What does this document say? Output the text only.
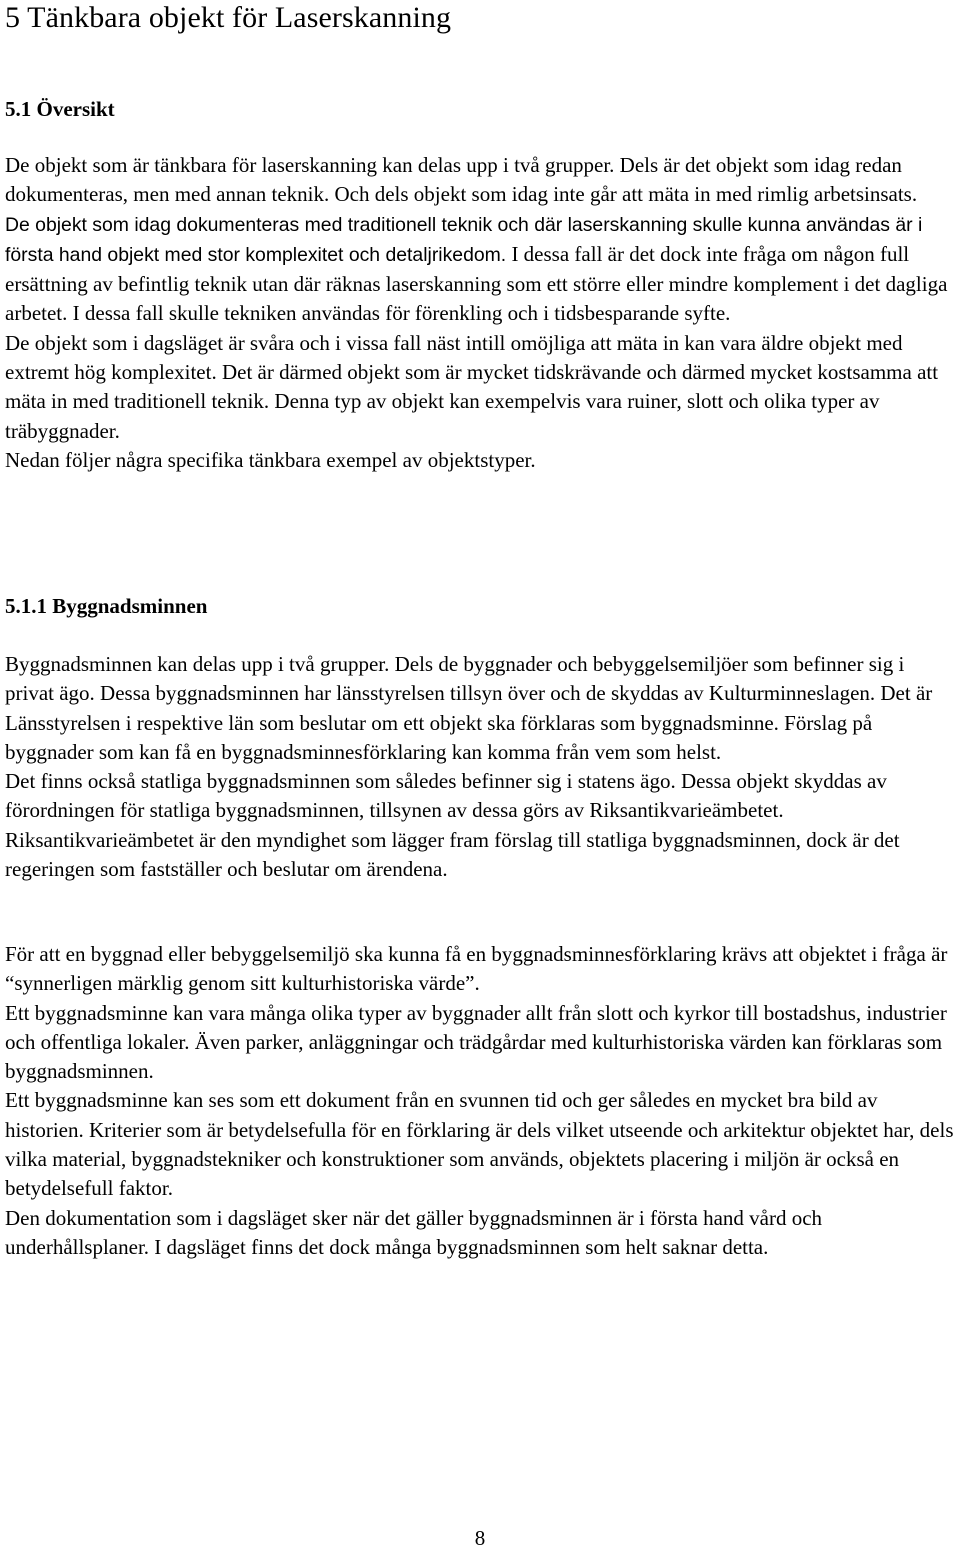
5 Tänkbara objekt för Laserskanning
5.1 Översikt

De objekt som är tänkbara för laserskanning kan delas upp i två grupper. Dels är det objekt som idag redan dokumenteras, men med annan teknik. Och dels objekt som idag inte går att mäta in med rimlig arbetsinsats.

De objekt som idag dokumenteras med traditionell teknik och där laserskanning skulle kunna användas är i första hand objekt med stor komplexitet och detaljrikedom. I dessa fall är det dock inte fråga om någon full ersättning av befintlig teknik utan där räknas laserskanning som ett större eller mindre komplement i det dagliga arbetet. I dessa fall skulle tekniken användas för förenkling och i tidsbesparande syfte.

De objekt som i dagsläget är svåra och i vissa fall näst intill omöjliga att mäta in kan vara äldre objekt med extremt hög komplexitet. Det är därmed objekt som är mycket tidskrävande och därmed mycket kostsamma att mäta in med traditionell teknik. Denna typ av objekt kan exempelvis vara ruiner, slott och olika typer av träbyggnader.

Nedan följer några specifika tänkbara exempel av objektstyper.

5.1.1 Byggnadsminnen

Byggnadsminnen kan delas upp i två grupper. Dels de byggnader och bebyggelsemiljöer som befinner sig i privat ägo. Dessa byggnadsminnen har länsstyrelsen tillsyn över och de skyddas av Kulturminneslagen. Det är Länsstyrelsen i respektive län som beslutar om ett objekt ska förklaras som byggnadsminne. Förslag på byggnader som kan få en byggnadsminnesförklaring kan komma från vem som helst.

Det finns också statliga byggnadsminnen som således befinner sig i statens ägo. Dessa objekt skyddas av förordningen för statliga byggnadsminnen, tillsynen av dessa görs av Riksantikvarieämbetet. Riksantikvarieämbetet är den myndighet som lägger fram förslag till statliga byggnadsminnen, dock är det regeringen som fastställer och beslutar om ärendena.

För att en byggnad eller bebyggelsemiljö ska kunna få en byggnadsminnesförklaring krävs att objektet i fråga är “synnerligen märklig genom sitt kulturhistoriska värde”.

Ett byggnadsminne kan vara många olika typer av byggnader allt från slott och kyrkor till bostadshus, industrier och offentliga lokaler. Även parker, anläggningar och trädgårdar med kulturhistoriska värden kan förklaras som byggnadsminnen.

Ett byggnadsminne kan ses som ett dokument från en svunnen tid och ger således en mycket bra bild av historien. Kriterier som är betydelsefulla för en förklaring är dels vilket utseende och arkitektur objektet har, dels vilka material, byggnadstekniker och konstruktioner som används, objektets placering i miljön är också en betydelsefull faktor.

Den dokumentation som i dagsläget sker när det gäller byggnadsminnen är i första hand vård och underhållsplaner. I dagsläget finns det dock många byggnadsminnen som helt saknar detta.

8
